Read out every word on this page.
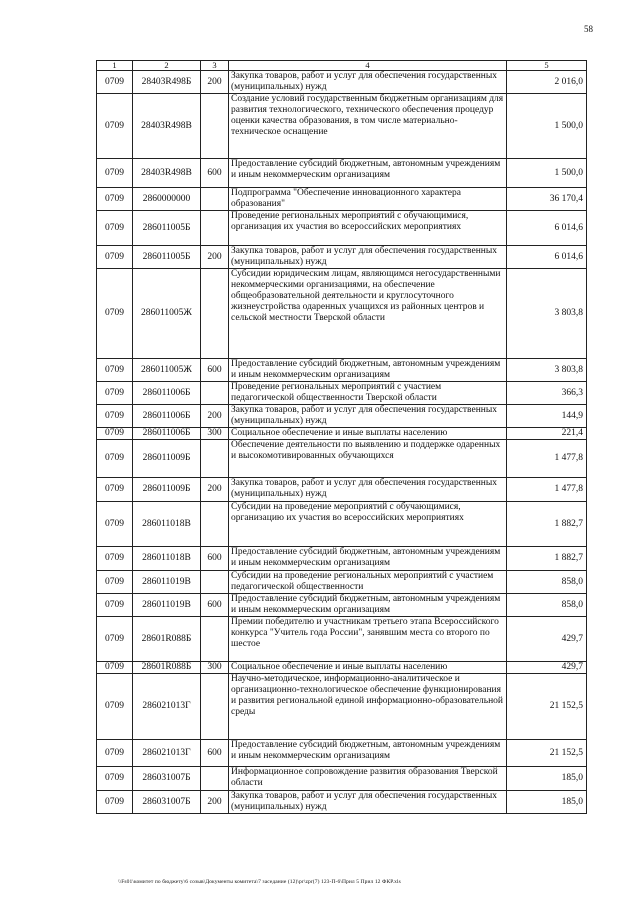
58
1	2	3	4	5
0709	28403R498Б	200	Закупка товаров, работ и услуг для обеспечения государственных (муниципальных) нужд	2 016,0
0709	28403R498В		Создание условий государственным бюджетным организациям для развития технологического, технического обеспечения процедур оценки качества образования, в том числе материально-техническое оснащение	1 500,0
0709	28403R498В	600	Предоставление субсидий бюджетным, автономным учреждениям и иным некоммерческим организациям	1 500,0
0709	2860000000		Подпрограмма "Обеспечение инновационного характера образования"	36 170,4
0709	286011005Б		Проведение региональных мероприятий с обучающимися, организация их участия во всероссийских мероприятиях	6 014,6
0709	286011005Б	200	Закупка товаров, работ и услуг для обеспечения государственных (муниципальных) нужд	6 014,6
0709	286011005Ж		Субсидии юридическим лицам, являющимся негосударственными некоммерческими организациями, на обеспечение общеобразовательной деятельности и круглосуточного жизнеустройства одаренных учащихся из районных центров и сельской местности Тверской области	3 803,8
0709	286011005Ж	600	Предоставление субсидий бюджетным, автономным учреждениям и иным некоммерческим организациям	3 803,8
0709	286011006Б		Проведение региональных мероприятий с участием педагогической общественности Тверской области	366,3
0709	286011006Б	200	Закупка товаров, работ и услуг для обеспечения государственных (муниципальных) нужд	144,9
0709	286011006Б	300	Социальное обеспечение и иные выплаты населению	221,4
0709	286011009Б		Обеспечение деятельности по выявлению и поддержке одаренных и высокомотивированных обучающихся	1 477,8
0709	286011009Б	200	Закупка товаров, работ и услуг для обеспечения государственных (муниципальных) нужд	1 477,8
0709	286011018В		Субсидии на проведение мероприятий с обучающимися, организацию их участия во всероссийских мероприятиях	1 882,7
0709	286011018В	600	Предоставление субсидий бюджетным, автономным учреждениям и иным некоммерческим организациям	1 882,7
0709	286011019В		Субсидии на проведение региональных мероприятий с участием педагогической общественности	858,0
0709	286011019В	600	Предоставление субсидий бюджетным, автономным учреждениям и иным некоммерческим организациям	858,0
0709	28601R088Б		Премии победителю и участникам третьего этапа Всероссийского конкурса "Учитель года России", занявшим места со второго по шестое	429,7
0709	28601R088Б	300	Социальное обеспечение и иные выплаты населению	429,7
0709	286021013Г		Научно-методическое, информационно-аналитическое и организационно-технологическое обеспечение функционирования и развития региональной единой информационно-образовательной среды	21 152,5
0709	286021013Г	600	Предоставление субсидий бюджетным, автономным учреждениям и иным некоммерческим организациям	21 152,5
0709	286031007Б		Информационное сопровождение развития образования Тверской области	185,0
0709	286031007Б	200	Закупка товаров, работ и услуг для обеспечения государственных (муниципальных) нужд	185,0
\\Fs01\комитет по бюджету\6 созыв\Документы комитета\7 заседание (12)\pr\zpr(7) 123-П-6\Прил 5 Прил 12 ФКР.xls
